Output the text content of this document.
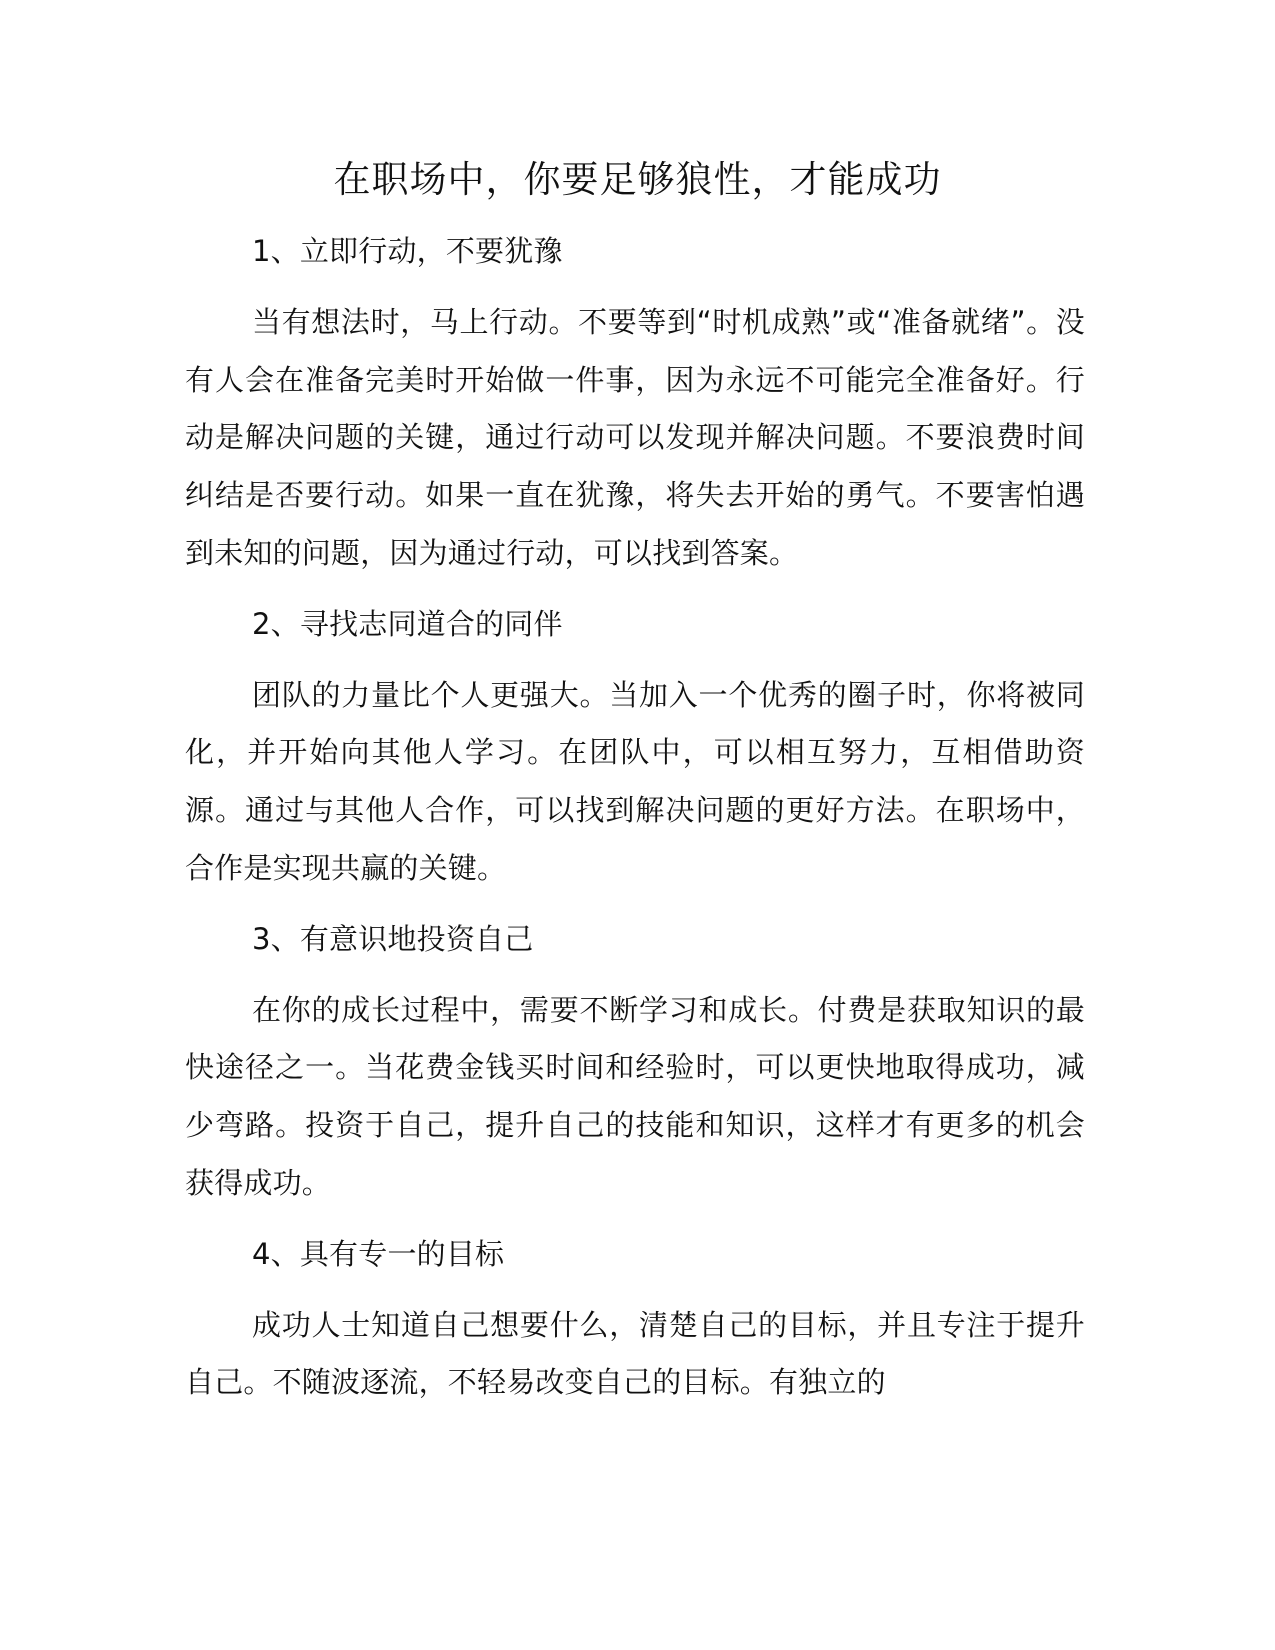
在职场中，你要足够狼性，才能成功

1、立即行动，不要犹豫

当有想法时，马上行动。不要等到“时机成熟”或“准备就绪”。没有人会在准备完美时开始做一件事，因为永远不可能完全准备好。行动是解决问题的关键，通过行动可以发现并解决问题。不要浪费时间纠结是否要行动。如果一直在犹豫，将失去开始的勇气。不要害怕遇到未知的问题，因为通过行动，可以找到答案。

2、寻找志同道合的同伴

团队的力量比个人更强大。当加入一个优秀的圈子时，你将被同化，并开始向其他人学习。在团队中，可以相互努力，互相借助资源。通过与其他人合作，可以找到解决问题的更好方法。在职场中，合作是实现共赢的关键。

3、有意识地投资自己

在你的成长过程中，需要不断学习和成长。付费是获取知识的最快途径之一。当花费金钱买时间和经验时，可以更快地取得成功，减少弯路。投资于自己，提升自己的技能和知识，这样才有更多的机会获得成功。

4、具有专一的目标

成功人士知道自己想要什么，清楚自己的目标，并且专注于提升自己。不随波逐流，不轻易改变自己的目标。有独立的
